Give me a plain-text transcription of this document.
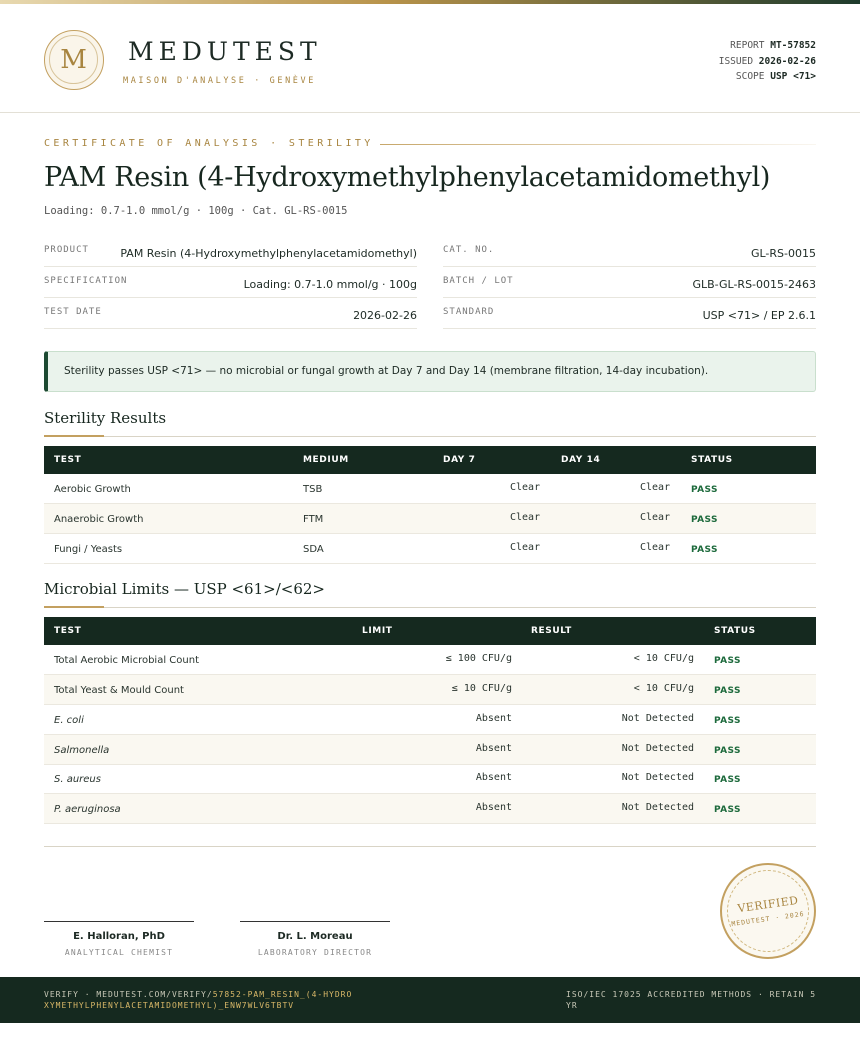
M	MEDUTEST
MAISON D'ANALYSE · GENÈVE
REPORT MT-57852
ISSUED 2026-02-26
SCOPE USP <71>
CERTIFICATE OF ANALYSIS · STERILITY
PAM Resin (4-Hydroxymethylphenylacetamidomethyl)
Loading: 0.7-1.0 mmol/g · 100g · Cat. GL-RS-0015
PRODUCT	PAM Resin (4-Hydroxymethylphenylacetamidomethyl)
SPECIFICATION	Loading: 0.7-1.0 mmol/g · 100g
TEST DATE	2026-02-26
CAT. NO.	GL-RS-0015
BATCH / LOT	GLB-GL-RS-0015-2463
STANDARD	USP <71> / EP 2.6.1
Sterility passes USP <71> — no microbial or fungal growth at Day 7 and Day 14 (membrane filtration, 14-day incubation).
Sterility Results
TEST	MEDIUM	DAY 7	DAY 14	STATUS
Aerobic Growth	TSB	Clear	Clear PASS
Anaerobic Growth	FTM	Clear	Clear PASS
Fungi / Yeasts	SDA	Clear	Clear PASS
Microbial Limits — USP <61>/<62>
TEST	LIMIT	RESULT	STATUS
Total Aerobic Microbial Count	≤ 100 CFU/g	< 10 CFU/g PASS
Total Yeast & Mould Count	≤ 10 CFU/g	< 10 CFU/g PASS
E. coli	Absent	Not Detected PASS
Salmonella	Absent	Not Detected PASS
S. aureus	Absent	Not Detected PASS
P. aeruginosa	Absent	Not Detected PASS
E. Halloran, PhD
ANALYTICAL CHEMIST
Dr. L. Moreau
LABORATORY DIRECTOR
VERIFIED
MEDUTEST · 2026
VERIFY · MEDUTEST.COM/VERIFY/57852-PAM_RESIN_(4-HYDROXYMETHYLPHENYLACETAMIDOMETHYL)_ENW7WLV6TBTV
ISO/IEC 17025 ACCREDITED METHODS · RETAIN 5 YR
